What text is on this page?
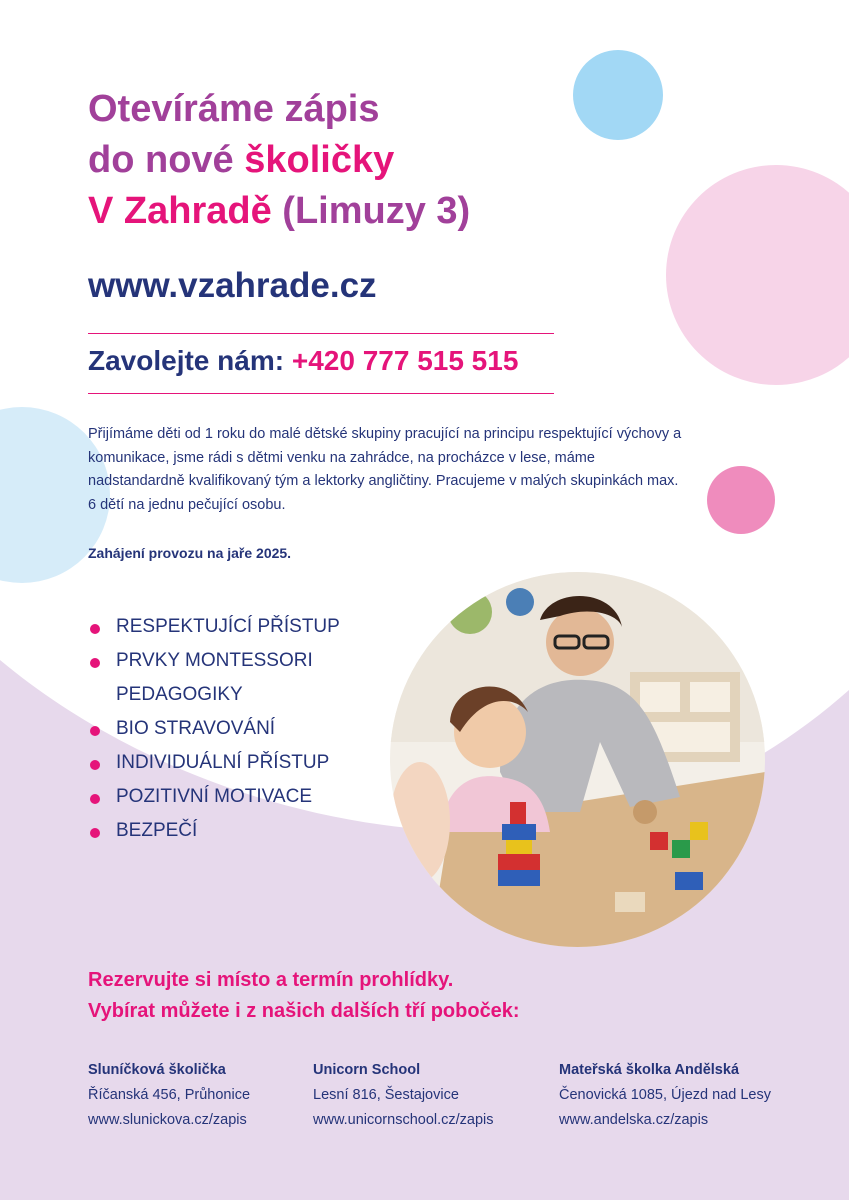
Otevíráme zápis
do nové školičky
V Zahradě (Limuzy 3)
www.vzahrade.cz
Zavolejte nám: +420 777 515 515

Přijímáme děti od 1 roku do malé dětské skupiny pracující na principu respektující výchovy a komunikace, jsme rádi s dětmi venku na zahrádce, na procházce v lese, máme nadstandardně kvalifikovaný tým a lektorky angličtiny. Pracujeme v malých skupinkách max. 6 dětí na jednu pečující osobu.

Zahájení provozu na jaře 2025.
RESPEKTUJÍCÍ PŘÍSTUP
PRVKY MONTESSORI PEDAGOGIKY
BIO STRAVOVÁNÍ
INDIVIDUÁLNÍ PŘÍSTUP
POZITIVNÍ MOTIVACE
BEZPEČÍ
Rezervujte si místo a termín prohlídky.
Vybírat můžete i z našich dalších tří poboček:
Sluníčková školička
Říčanská 456, Průhonice
www.slunickova.cz/zapis
Unicorn School
Lesní 816, Šestajovice
www.unicornschool.cz/zapis
Mateřská školka Andělská
Čenovická 1085, Újezd nad Lesy
www.andelska.cz/zapis
